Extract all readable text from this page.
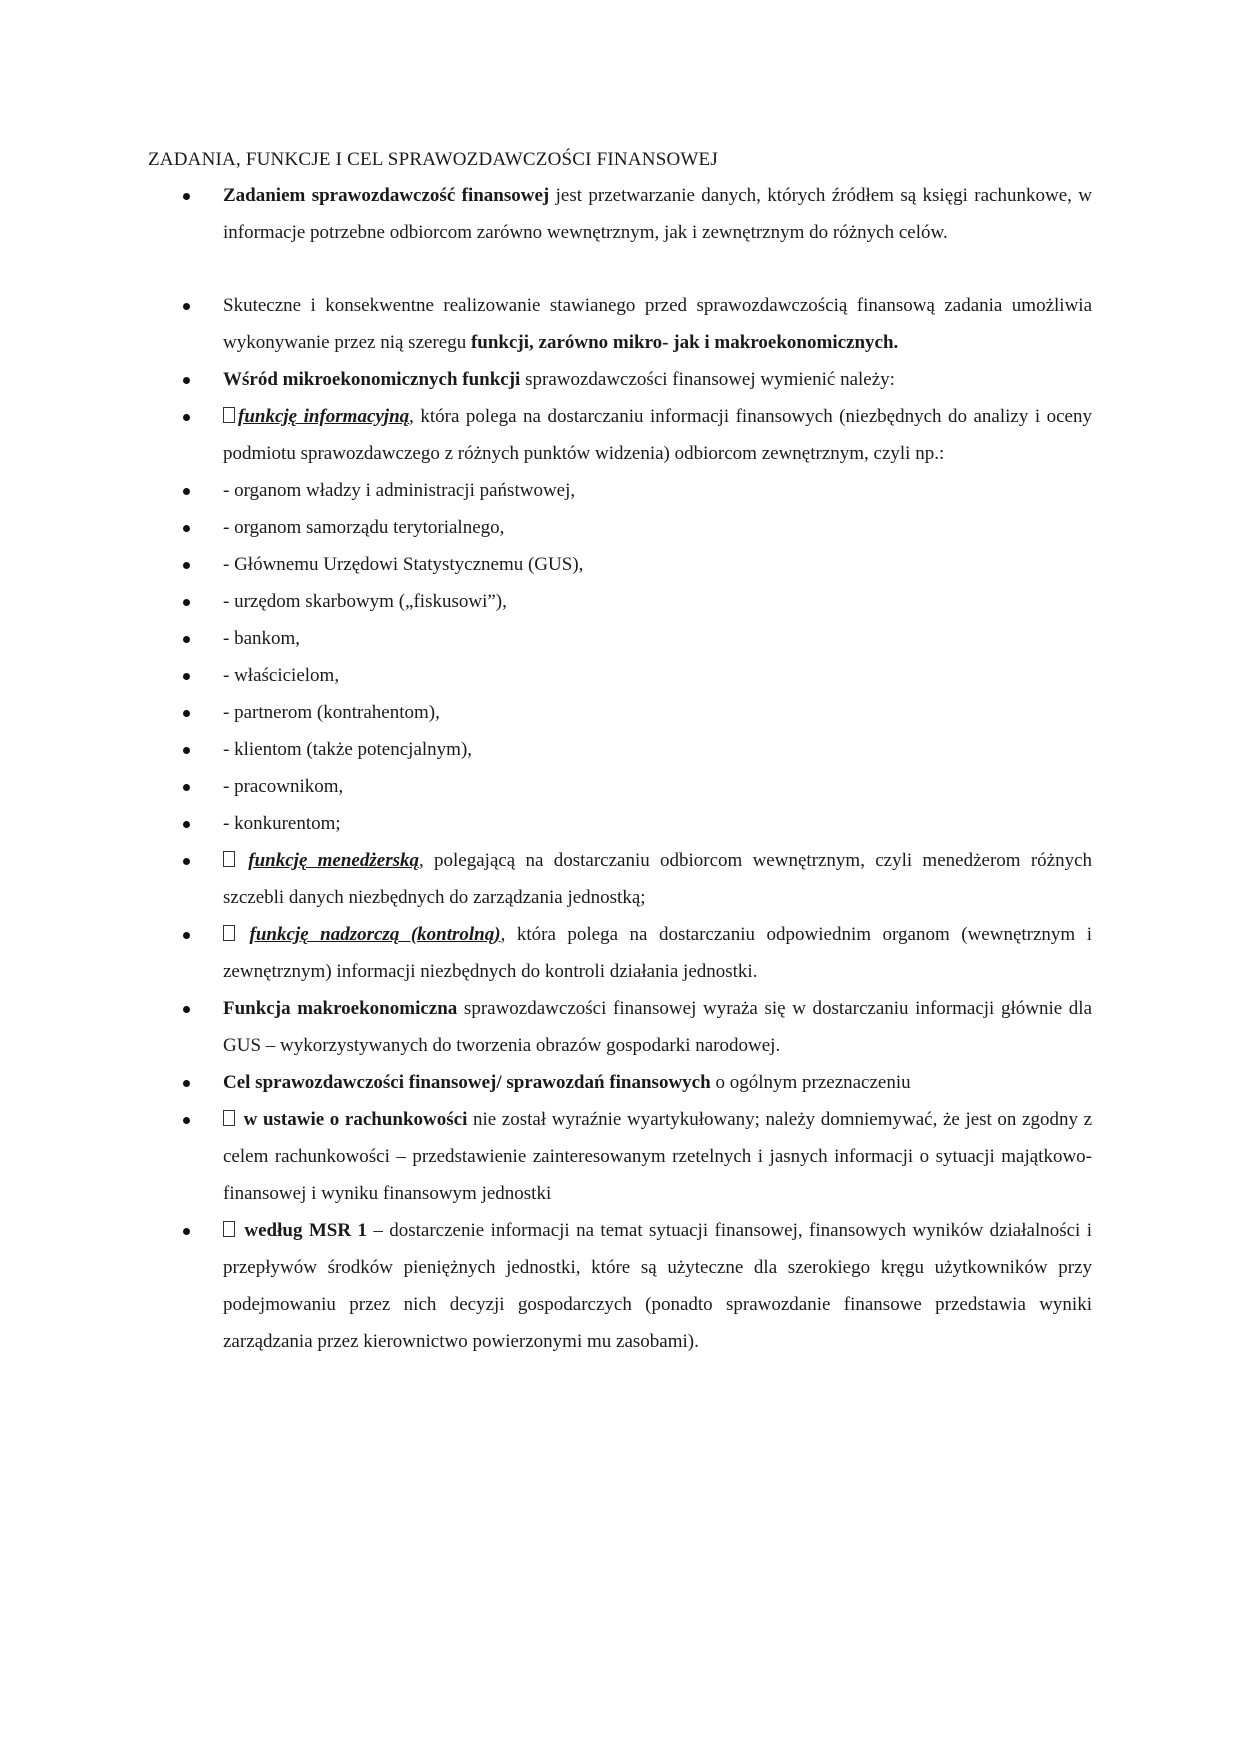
ZADANIA, FUNKCJE I CEL SPRAWOZDAWCZOŚCI FINANSOWEJ
Zadaniem sprawozdawczość finansowej jest przetwarzanie danych, których źródłem są księgi rachunkowe, w informacje potrzebne odbiorcom zarówno wewnętrznym, jak i zewnętrznym do różnych celów.
Skuteczne i konsekwentne realizowanie stawianego przed sprawozdawczością finansową zadania umożliwia wykonywanie przez nią szeregu funkcji, zarówno mikro- jak i makroekonomicznych.
Wśród mikroekonomicznych funkcji sprawozdawczości finansowej wymienić należy:
funkcję informacyjną, która polega na dostarczaniu informacji finansowych (niezbędnych do analizy i oceny podmiotu sprawozdawczego z różnych punktów widzenia) odbiorcom zewnętrznym, czyli np.:
- organom władzy i administracji państwowej,
- organom samorządu terytorialnego,
- Głównemu Urzędowi Statystycznemu (GUS),
- urzędom skarbowym („fiskusowi”),
- bankom,
- właścicielom,
- partnerom (kontrahentom),
- klientom (także potencjalnym),
- pracownikom,
- konkurentom;
funkcję menedżerską, polegającą na dostarczaniu odbiorcom wewnętrznym, czyli menedżerom różnych szczebli danych niezbędnych do zarządzania jednostką;
funkcję nadzorczą (kontrolną), która polega na dostarczaniu odpowiednim organom (wewnętrznym i zewnętrznym) informacji niezbędnych do kontroli działania jednostki.
Funkcja makroekonomiczna sprawozdawczości finansowej wyraża się w dostarczaniu informacji głównie dla GUS – wykorzystywanych do tworzenia obrazów gospodarki narodowej.
Cel sprawozdawczości finansowej/ sprawozdań finansowych o ogólnym przeznaczeniu
w ustawie o rachunkowości nie został wyraźnie wyartykułowany; należy domniemywać, że jest on zgodny z celem rachunkowości – przedstawienie zainteresowanym rzetelnych i jasnych informacji o sytuacji majątkowo-finansowej i wyniku finansowym jednostki
według MSR 1 – dostarczenie informacji na temat sytuacji finansowej, finansowych wyników działalności i przepływów środków pieniężnych jednostki, które są użyteczne dla szerokiego kręgu użytkowników przy podejmowaniu przez nich decyzji gospodarczych (ponadto sprawozdanie finansowe przedstawia wyniki zarządzania przez kierownictwo powierzonymi mu zasobami).
